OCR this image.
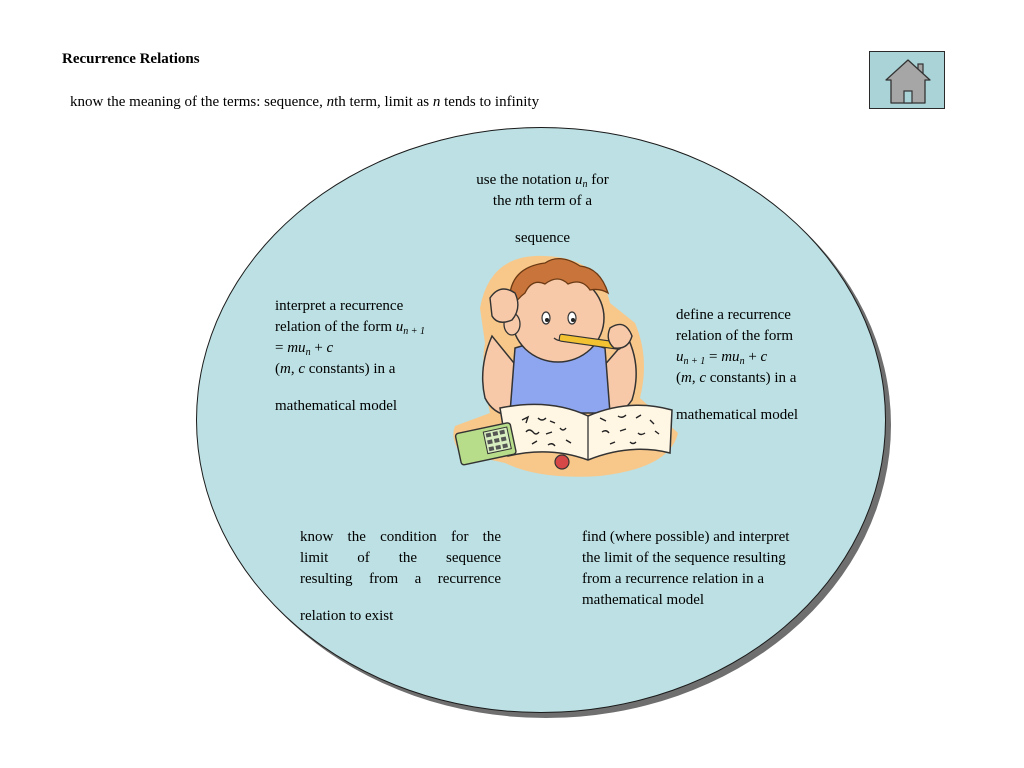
Recurrence Relations
know the meaning of the terms: sequence, nth term, limit as n tends to infinity

use the notation $u_n$ for

the nth term of a

sequence

interpret a recurrence

relation of the form $u_{n + 1}$

= $mu_n + c$

(m, c constants) in a

mathematical model

define a recurrence

relation of the form

$u_{n + 1} = mu_n + c$

(m, c constants) in a

mathematical model

know the condition for the

limit of the sequence

resulting from a recurrence

relation to exist

find (where possible) and interpret

the limit of the sequence resulting

from a recurrence relation in a

mathematical model
